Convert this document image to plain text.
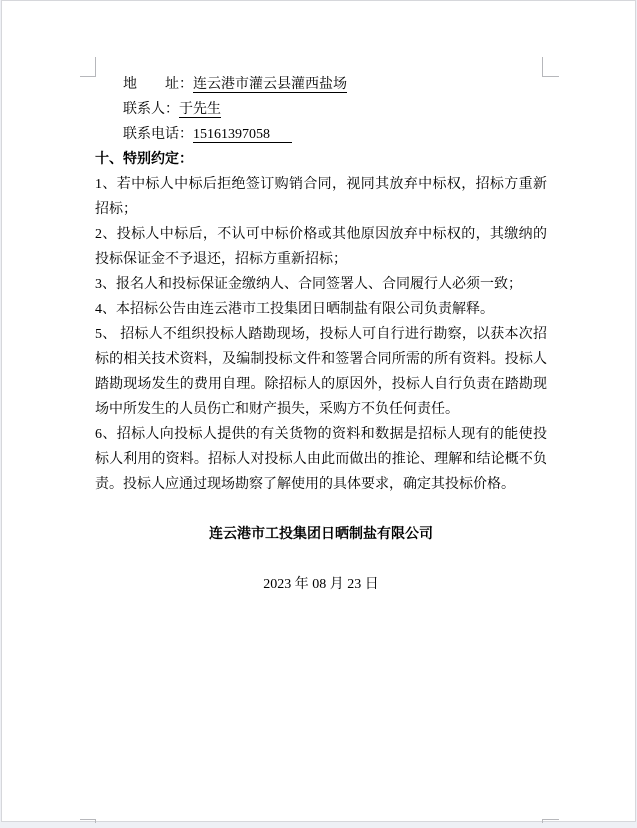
地　　址：连云港市灌云县灌西盐场

联系人：于先生

联系电话：15161397058

十、特别约定：

1、若中标人中标后拒绝签订购销合同，视同其放弃中标权，招标方重新招标；

2、投标人中标后，不认可中标价格或其他原因放弃中标权的，其缴纳的投标保证金不予退还，招标方重新招标；

3、报名人和投标保证金缴纳人、合同签署人、合同履行人必须一致；

4、本招标公告由连云港市工投集团日晒制盐有限公司负责解释。

5、 招标人不组织投标人踏勘现场，投标人可自行进行勘察，以获本次招标的相关技术资料，及编制投标文件和签署合同所需的所有资料。投标人踏勘现场发生的费用自理。除招标人的原因外，投标人自行负责在踏勘现场中所发生的人员伤亡和财产损失，采购方不负任何责任。

6、招标人向投标人提供的有关货物的资料和数据是招标人现有的能使投标人利用的资料。招标人对投标人由此而做出的推论、理解和结论概不负责。投标人应通过现场勘察了解使用的具体要求，确定其投标价格。

连云港市工投集团日晒制盐有限公司

2023 年 08 月 23 日
